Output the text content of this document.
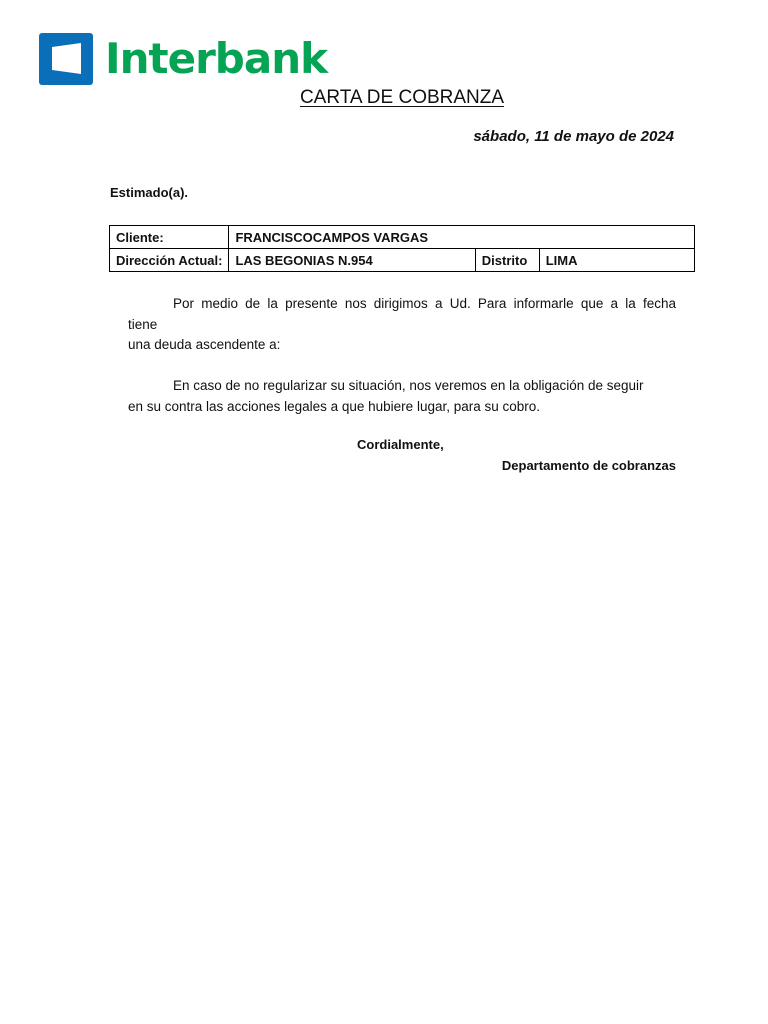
Interbank
CARTA DE COBRANZA
sábado, 11 de mayo de 2024
Estimado(a).
Cliente:	FRANCISCOCAMPOS VARGAS		
Dirección Actual:	LAS BEGONIAS N.954	Distrito	LIMA
Por medio de la presente nos dirigimos a Ud. Para informarle que a la fecha
tiene
una deuda ascendente a:
En caso de no regularizar su situación, nos veremos en la obligación de seguir
en su contra las acciones legales a que hubiere lugar, para su cobro.
Cordialmente,
Departamento de cobranzas
